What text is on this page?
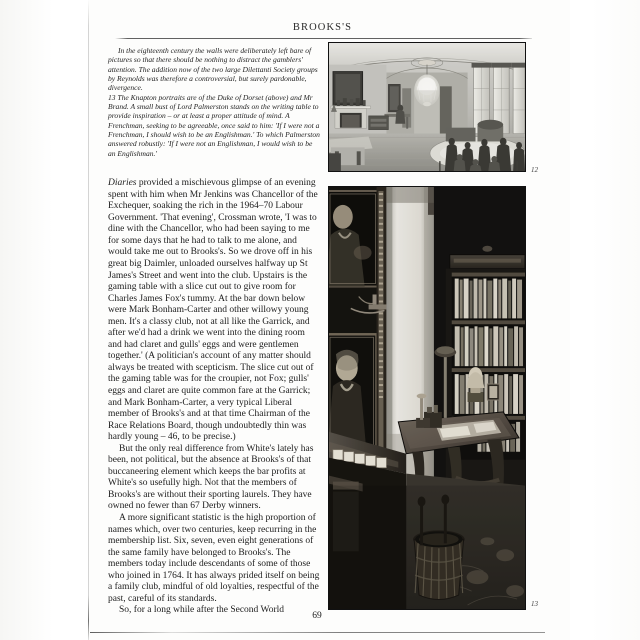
BROOKS'S

In the eighteenth century the walls were deliberately left bare of pictures so that there should be nothing to distract the gamblers' attention. The addition now of the two large Dilettanti Society groups by Reynolds was therefore a controversial, but surely pardonable, divergence.

13 The Knapton portraits are of the Duke of Dorset (above) and Mr Brand. A small bust of Lord Palmerston stands on the writing table to provide inspiration – or at least a proper attitude of mind. A Frenchman, seeking to be agreeable, once said to him: 'If I were not a Frenchman, I should wish to be an Englishman.' To which Palmerston answered robustly: 'If I were not an Englishman, I would wish to be an Englishman.'

Diaries provided a mischievous glimpse of an evening spent with him when Mr Jenkins was Chancellor of the Exchequer, soaking the rich in the 1964–70 Labour Government. 'That evening', Crossman wrote, 'I was to dine with the Chancellor, who had been saying to me for some days that he had to talk to me alone, and would take me out to Brooks's. So we drove off in his great big Daimler, unloaded ourselves halfway up St James's Street and went into the club. Upstairs is the gaming table with a slice cut out to give room for Charles James Fox's tummy. At the bar down below were Mark Bonham-Carter and other willowy young men. It's a classy club, not at all like the Garrick, and after we'd had a drink we went into the dining room and had claret and gulls' eggs and were gentlemen together.' (A politician's account of any matter should always be treated with scepticism. The slice cut out of the gaming table was for the croupier, not Fox; gulls' eggs and claret are quite common fare at the Garrick; and Mark Bonham-Carter, a very typical Liberal member of Brooks's and at that time Chairman of the Race Relations Board, though undoubtedly thin was hardly young – 46, to be precise.)

But the only real difference from White's lately has been, not political, but the absence at Brooks's of that buccaneering element which keeps the bar profits at White's so usefully high. Not that the members of Brooks's are without their sporting laurels. They have owned no fewer than 67 Derby winners.

A more significant statistic is the high proportion of names which, over two centuries, keep recurring in the membership list. Six, seven, even eight generations of the same family have belonged to Brooks's. The members today include descendants of some of those who joined in 1764. It has always prided itself on being a family club, mindful of old loyalties, respectful of the past, careful of its standards.

So, for a long while after the Second World

12
13
69
